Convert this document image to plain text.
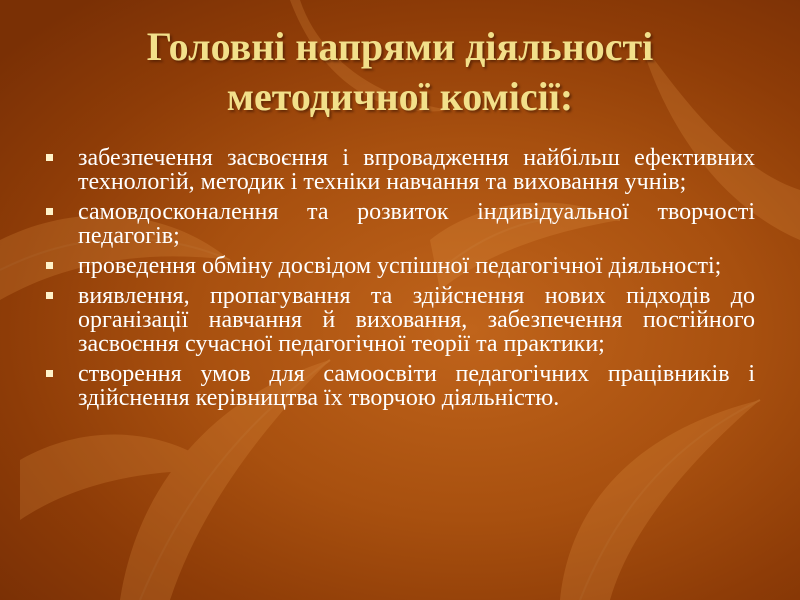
Головні напрями діяльності
методичної комісії:
забезпечення засвоєння і впровадження найбільш ефективних технологій, методик і техніки навчання та виховання учнів;
самовдосконалення та розвиток індивідуальної творчості педагогів;
проведення обміну досвідом успішної педагогічної діяльності;
виявлення, пропагування та здійснення нових підходів до організації навчання й виховання, забезпечення постійного засвоєння сучасної педагогічної теорії та практики;
створення умов для самоосвіти педагогічних працівників і здійснення керівництва їх творчою діяльністю.
